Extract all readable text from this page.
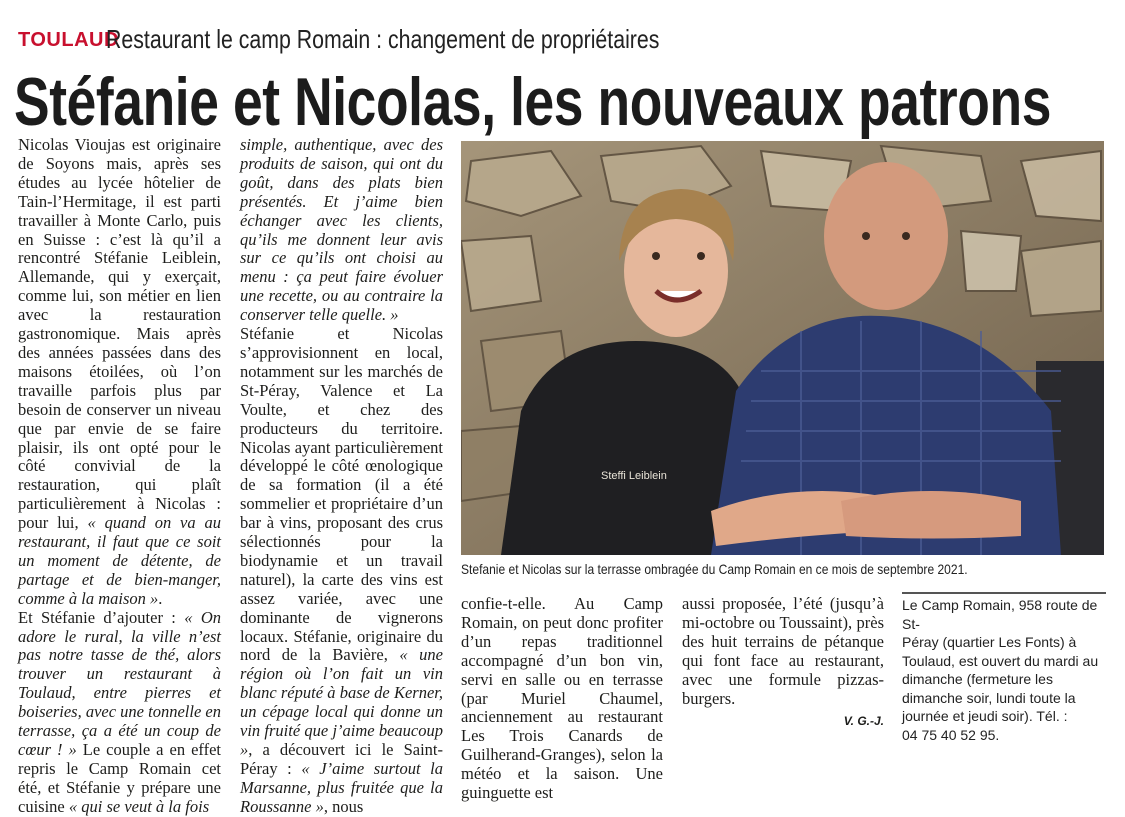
TOULAUD
Restaurant le camp Romain : changement de propriétaires
Stéfanie et Nicolas, les nouveaux patrons

Nicolas Vioujas est originaire de Soyons mais, après ses études au lycée hôtelier de Tain-l’Hermitage, il est parti travailler à Monte Carlo, puis en Suisse : c’est là qu’il a rencontré Stéfanie Leiblein, Allemande, qui y exerçait, comme lui, son métier en lien avec la restauration gastronomique. Mais après des années passées dans des maisons étoilées, où l’on travaille parfois plus par besoin de conserver un niveau que par envie de se faire plaisir, ils ont opté pour le côté convivial de la restauration, qui plaît particulièrement à Nicolas : pour lui, « quand on va au restaurant, il faut que ce soit un moment de détente, de partage et de bien-manger, comme à la maison ».

Et Stéfanie d’ajouter : « On adore le rural, la ville n’est pas notre tasse de thé, alors trouver un restaurant à Toulaud, entre pierres et boiseries, avec une tonnelle en terrasse, ça a été un coup de cœur ! » Le couple a en effet repris le Camp Romain cet été, et Stéfanie y prépare une cuisine « qui se veut à la fois

simple, authentique, avec des produits de saison, qui ont du goût, dans des plats bien présentés. Et j’aime bien échanger avec les clients, qu’ils me donnent leur avis sur ce qu’ils ont choisi au menu : ça peut faire évoluer une recette, ou au contraire la conserver telle quelle. »

Stéfanie et Nicolas s’approvisionnent en local, notamment sur les marchés de St-Péray, Valence et La Voulte, et chez des producteurs du territoire. Nicolas ayant particulièrement développé le côté œnologique de sa formation (il a été sommelier et propriétaire d’un bar à vins, proposant des crus sélectionnés pour la biodynamie et un travail naturel), la carte des vins est assez variée, avec une dominante de vignerons locaux. Stéfanie, originaire du nord de la Bavière, « une région où l’on fait un vin blanc réputé à base de Kerner, un cépage local qui donne un vin fruité que j’aime beaucoup », a découvert ici le Saint-Péray : « J’aime surtout la Marsanne, plus fruitée que la Roussanne », nous

Steffi Leiblein
Stefanie et Nicolas sur la terrasse ombragée du Camp Romain en ce mois de septembre 2021.

confie-t-elle. Au Camp Romain, on peut donc profiter d’un repas traditionnel accompagné d’un bon vin, servi en salle ou en terrasse (par Muriel Chaumel, anciennement au restaurant Les Trois Canards de Guilherand-Granges), selon la météo et la saison. Une guinguette est

aussi proposée, l’été (jusqu’à mi-octobre ou Toussaint), près des huit terrains de pétanque qui font face au restaurant, avec une formule pizzas-burgers.

V. G.-J.
Le Camp Romain, 958 route de St-
Péray (quartier Les Fonts) à
Toulaud, est ouvert du mardi au
dimanche (fermeture les
dimanche soir, lundi toute la
journée et jeudi soir). Tél. :
04 75 40 52 95.
